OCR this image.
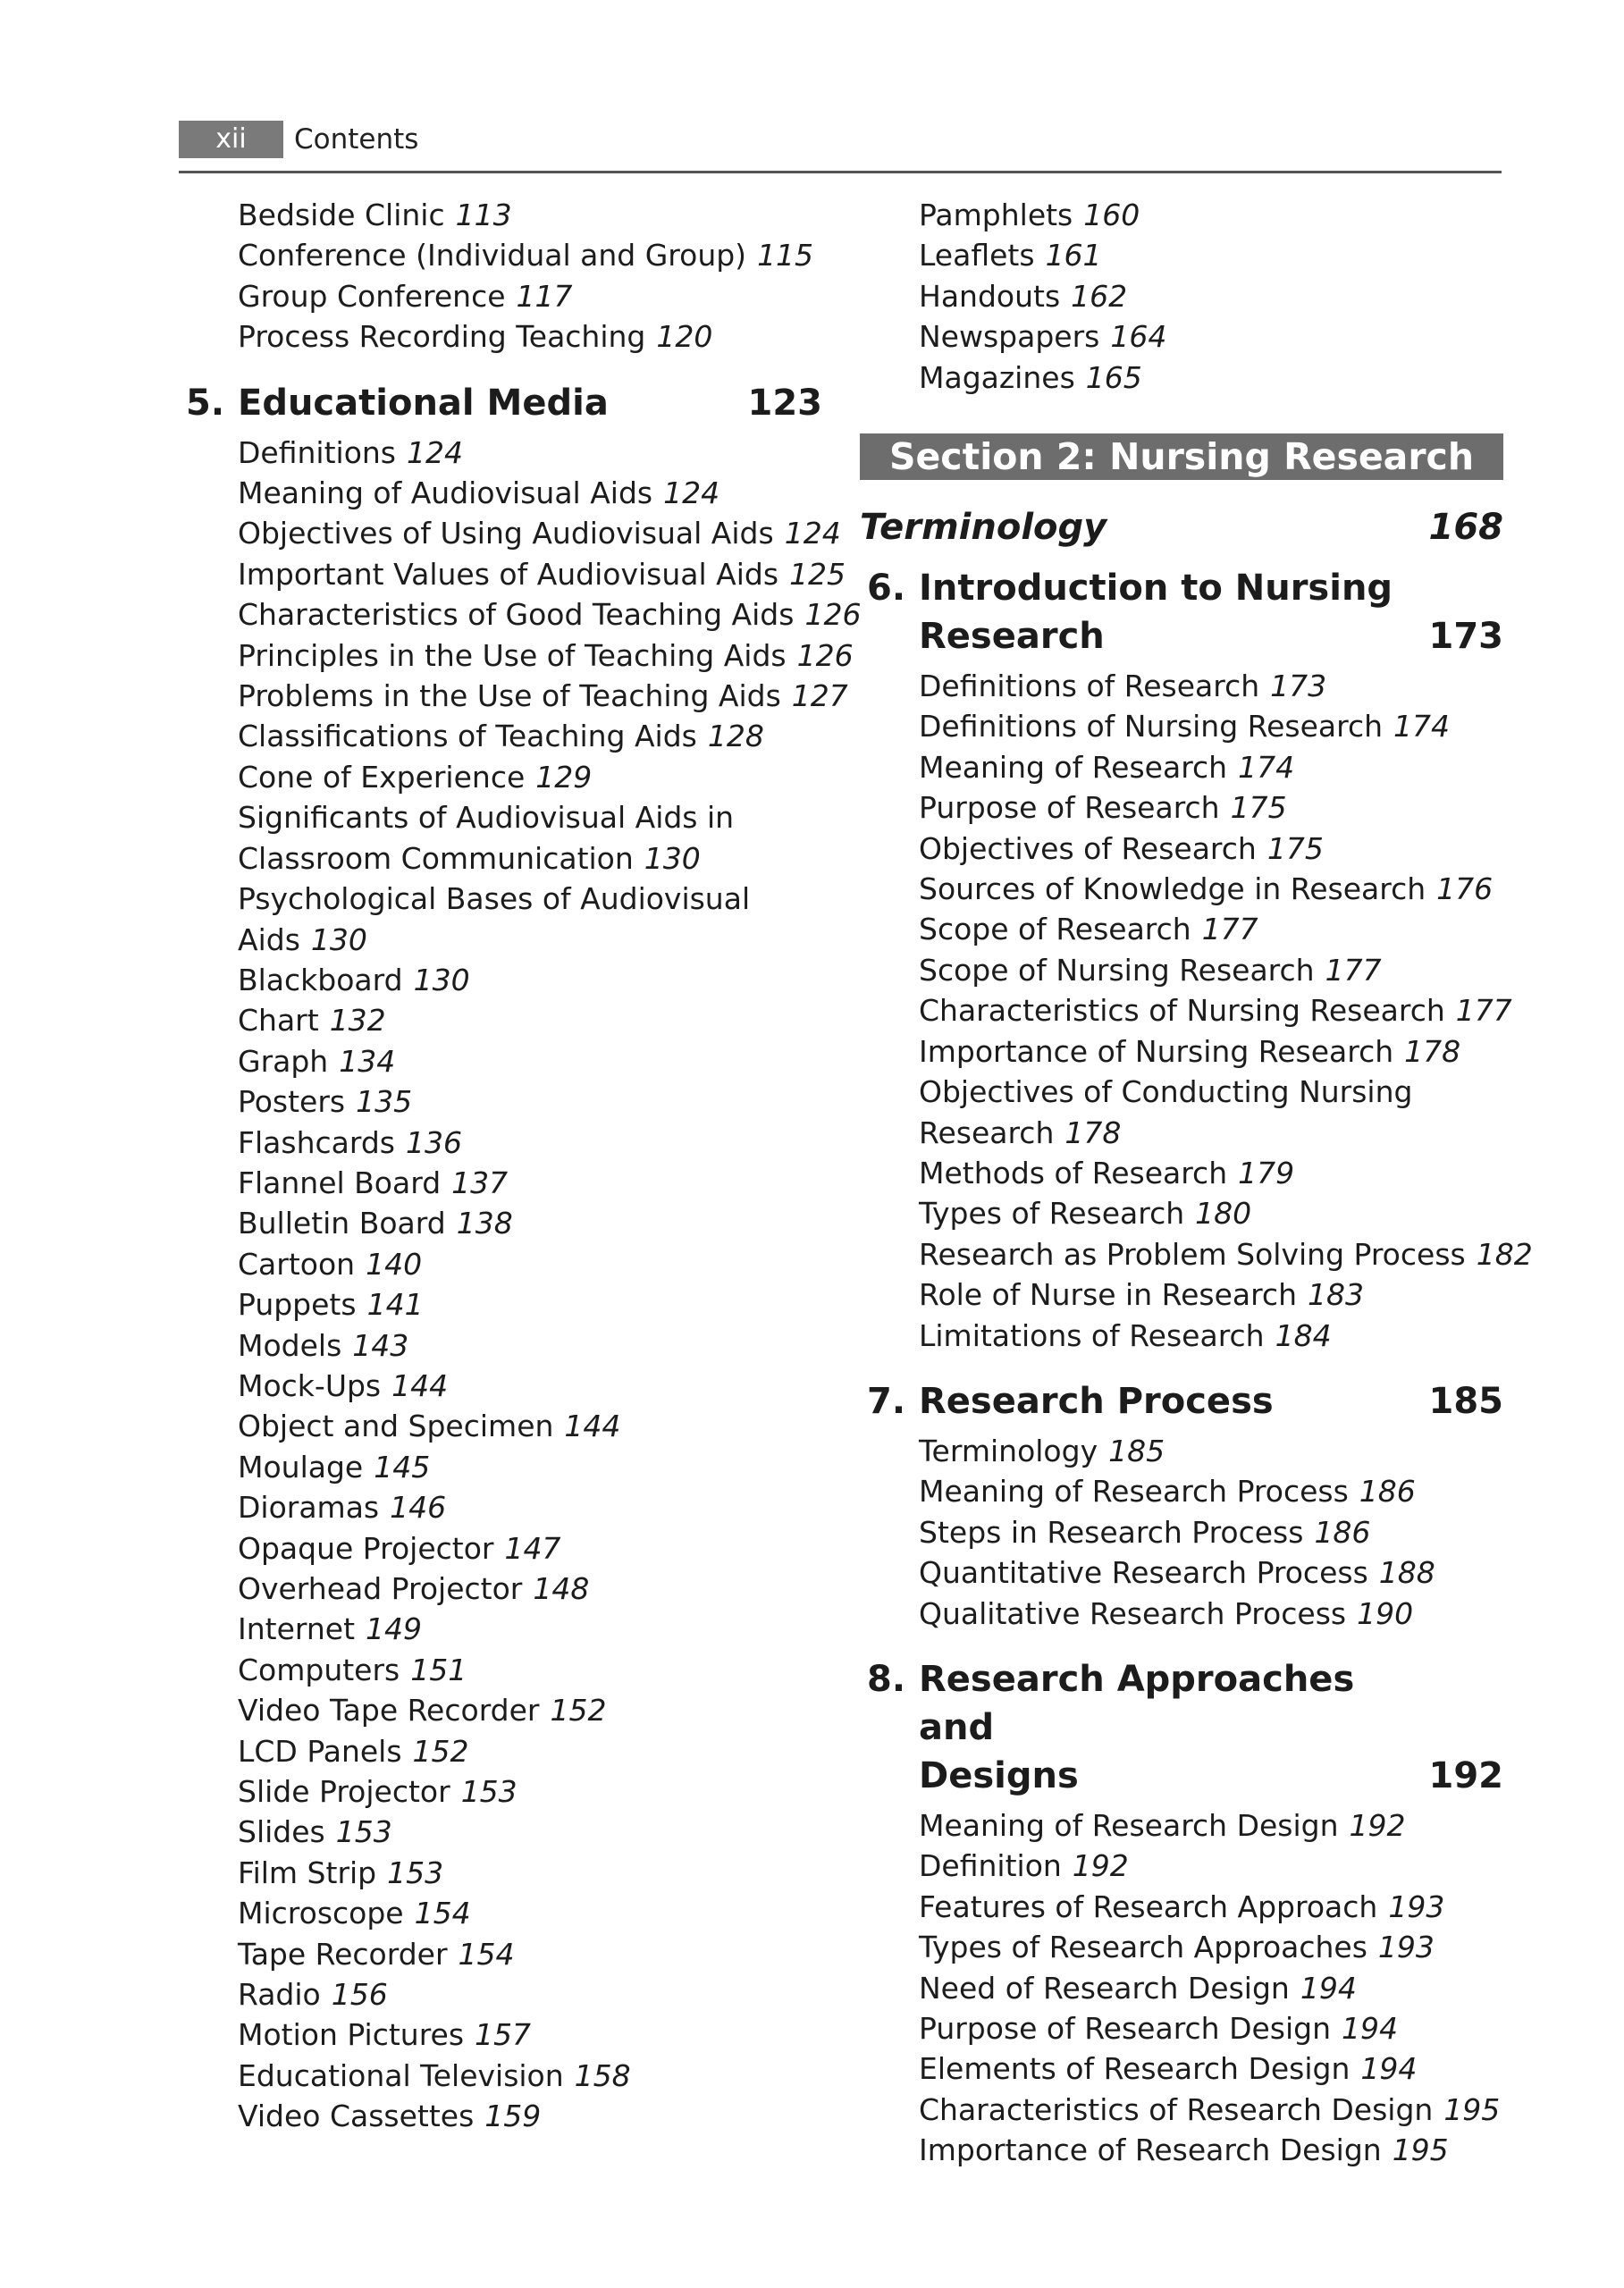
xii	Contents
Bedside Clinic 113
Conference (Individual and Group) 115
Group Conference 117
Process Recording Teaching 120
5. Educational Media	123
Definitions 124
Meaning of Audiovisual Aids 124
Objectives of Using Audiovisual Aids 124
Important Values of Audiovisual Aids 125
Characteristics of Good Teaching Aids 126
Principles in the Use of Teaching Aids 126
Problems in the Use of Teaching Aids 127
Classifications of Teaching Aids 128
Cone of Experience 129
Significants of Audiovisual Aids in
Classroom Communication 130
Psychological Bases of Audiovisual
Aids 130
Blackboard 130
Chart 132
Graph 134
Posters 135
Flashcards 136
Flannel Board 137
Bulletin Board 138
Cartoon 140
Puppets 141
Models 143
Mock-Ups 144
Object and Specimen 144
Moulage 145
Dioramas 146
Opaque Projector 147
Overhead Projector 148
Internet 149
Computers 151
Video Tape Recorder 152
LCD Panels 152
Slide Projector 153
Slides 153
Film Strip 153
Microscope 154
Tape Recorder 154
Radio 156
Motion Pictures 157
Educational Television 158
Video Cassettes 159
Pamphlets 160
Leaflets 161
Handouts 162
Newspapers 164
Magazines 165
Section 2: Nursing Research
Terminology	168
6. Introduction to Nursing
Research	173
Definitions of Research 173
Definitions of Nursing Research 174
Meaning of Research 174
Purpose of Research 175
Objectives of Research 175
Sources of Knowledge in Research 176
Scope of Research 177
Scope of Nursing Research 177
Characteristics of Nursing Research 177
Importance of Nursing Research 178
Objectives of Conducting Nursing
Research 178
Methods of Research 179
Types of Research 180
Research as Problem Solving Process 182
Role of Nurse in Research 183
Limitations of Research 184
7. Research Process	185
Terminology 185
Meaning of Research Process 186
Steps in Research Process 186
Quantitative Research Process 188
Qualitative Research Process 190
8. Research Approaches and
Designs	192
Meaning of Research Design 192
Definition 192
Features of Research Approach 193
Types of Research Approaches 193
Need of Research Design 194
Purpose of Research Design 194
Elements of Research Design 194
Characteristics of Research Design 195
Importance of Research Design 195
